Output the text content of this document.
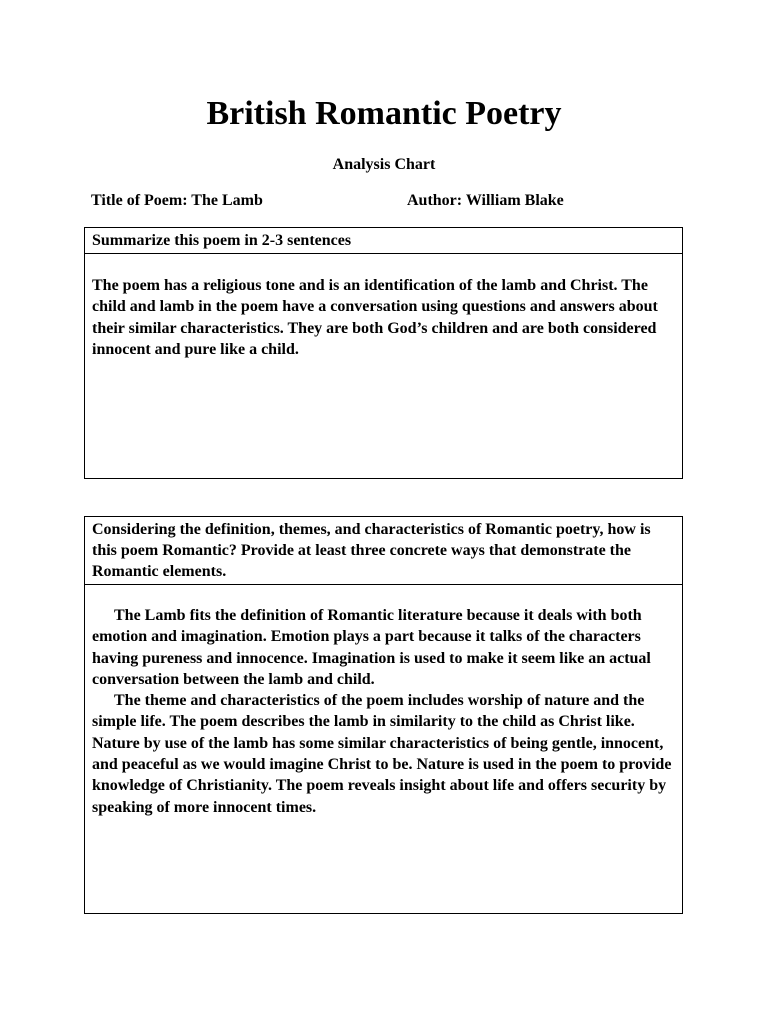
British Romantic Poetry
Analysis Chart
Title of Poem: The Lamb	Author: William Blake
Summarize this poem in 2-3 sentences

The poem has a religious tone and is an identification of the lamb and Christ. The child and lamb in the poem have a conversation using questions and answers about their similar characteristics. They are both God’s children and are both considered innocent and pure like a child.

Considering the definition, themes, and characteristics of Romantic poetry, how is this poem Romantic? Provide at least three concrete ways that demonstrate the Romantic elements.

The Lamb fits the definition of Romantic literature because it deals with both emotion and imagination. Emotion plays a part because it talks of the characters having pureness and innocence. Imagination is used to make it seem like an actual conversation between the lamb and child.

The theme and characteristics of the poem includes worship of nature and the simple life. The poem describes the lamb in similarity to the child as Christ like. Nature by use of the lamb has some similar characteristics of being gentle, innocent, and peaceful as we would imagine Christ to be. Nature is used in the poem to provide knowledge of Christianity. The poem reveals insight about life and offers security by speaking of more innocent times.
